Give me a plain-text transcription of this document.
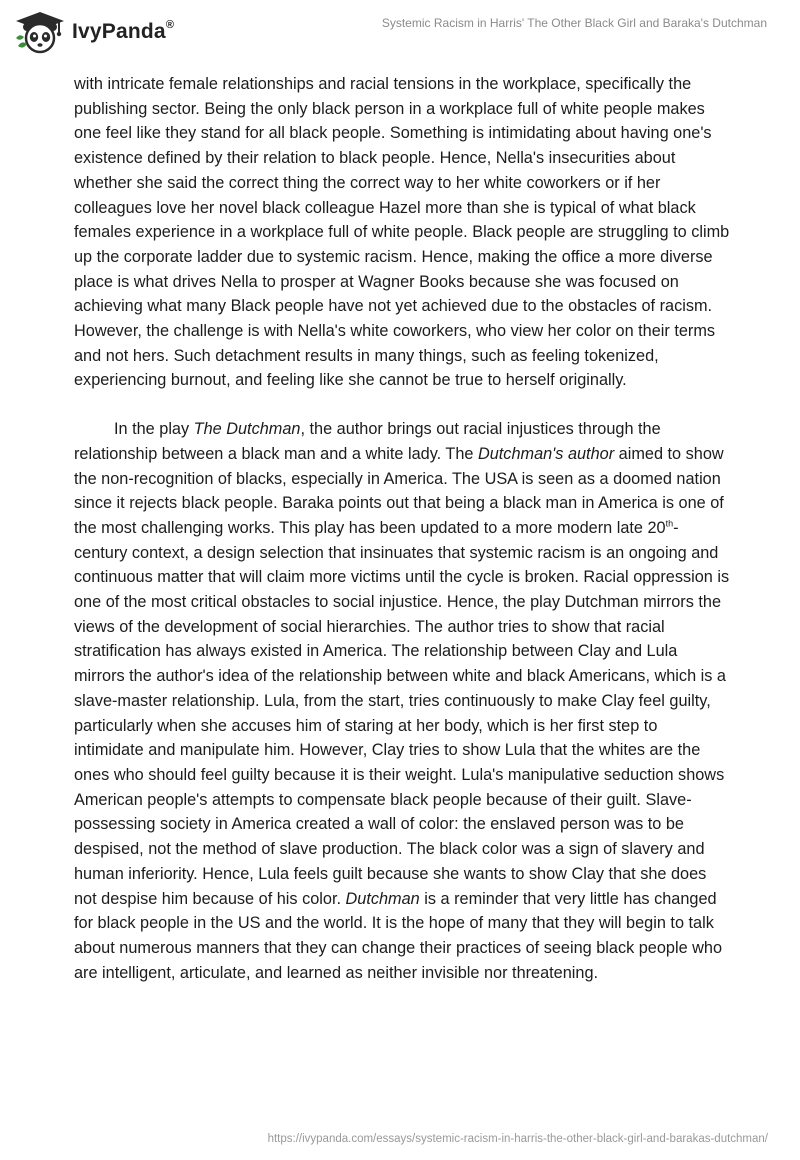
IvyPanda®	Systemic Racism in Harris' The Other Black Girl and Baraka's Dutchman

with intricate female relationships and racial tensions in the workplace, specifically the publishing sector. Being the only black person in a workplace full of white people makes one feel like they stand for all black people. Something is intimidating about having one's existence defined by their relation to black people. Hence, Nella's insecurities about whether she said the correct thing the correct way to her white coworkers or if her colleagues love her novel black colleague Hazel more than she is typical of what black females experience in a workplace full of white people. Black people are struggling to climb up the corporate ladder due to systemic racism. Hence, making the office a more diverse place is what drives Nella to prosper at Wagner Books because she was focused on achieving what many Black people have not yet achieved due to the obstacles of racism. However, the challenge is with Nella's white coworkers, who view her color on their terms and not hers. Such detachment results in many things, such as feeling tokenized, experiencing burnout, and feeling like she cannot be true to herself originally.

In the play The Dutchman, the author brings out racial injustices through the relationship between a black man and a white lady. The Dutchman's author aimed to show the non-recognition of blacks, especially in America. The USA is seen as a doomed nation since it rejects black people. Baraka points out that being a black man in America is one of the most challenging works. This play has been updated to a more modern late 20th-century context, a design selection that insinuates that systemic racism is an ongoing and continuous matter that will claim more victims until the cycle is broken. Racial oppression is one of the most critical obstacles to social injustice. Hence, the play Dutchman mirrors the views of the development of social hierarchies. The author tries to show that racial stratification has always existed in America. The relationship between Clay and Lula mirrors the author's idea of the relationship between white and black Americans, which is a slave-master relationship. Lula, from the start, tries continuously to make Clay feel guilty, particularly when she accuses him of staring at her body, which is her first step to intimidate and manipulate him. However, Clay tries to show Lula that the whites are the ones who should feel guilty because it is their weight. Lula's manipulative seduction shows American people's attempts to compensate black people because of their guilt. Slave-possessing society in America created a wall of color: the enslaved person was to be despised, not the method of slave production. The black color was a sign of slavery and human inferiority. Hence, Lula feels guilt because she wants to show Clay that she does not despise him because of his color. Dutchman is a reminder that very little has changed for black people in the US and the world. It is the hope of many that they will begin to talk about numerous manners that they can change their practices of seeing black people who are intelligent, articulate, and learned as neither invisible nor threatening.

https://ivypanda.com/essays/systemic-racism-in-harris-the-other-black-girl-and-barakas-dutchman/
